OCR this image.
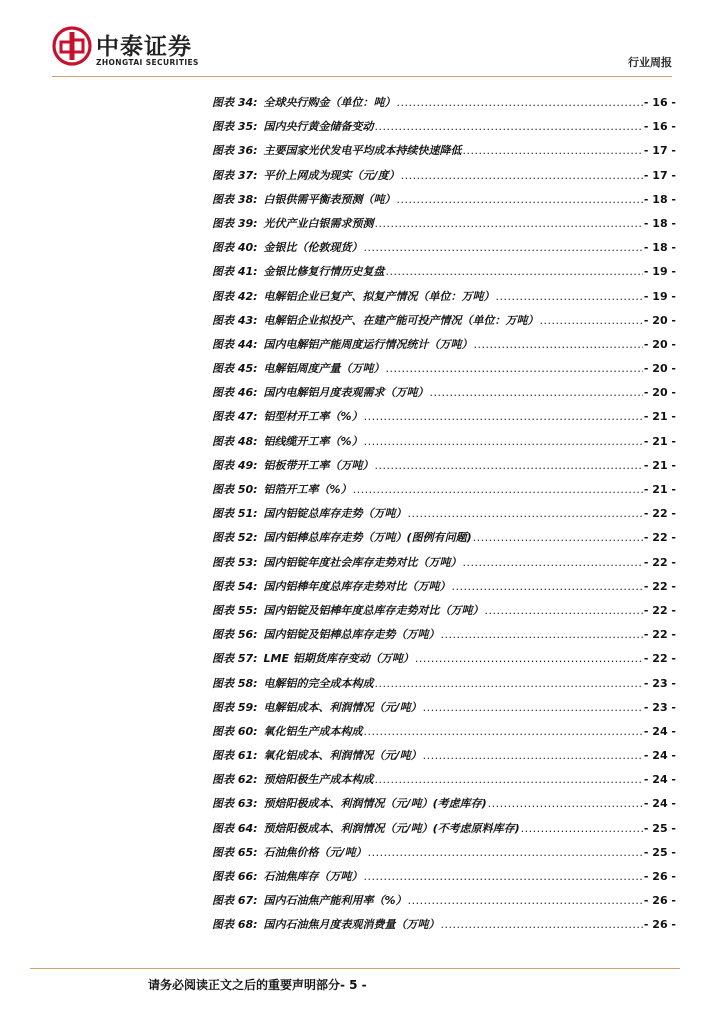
中泰证券
ZHONGTAI SECURITIES	行业周报
图表 34: 全球央行购金（单位：吨） .....	- 16 -
图表 35: 国内央行黄金储备变动 .....	- 16 -
图表 36: 主要国家光伏发电平均成本持续快速降低 .....	- 17 -
图表 37: 平价上网成为现实（元/度） .....	- 17 -
图表 38: 白银供需平衡表预测（吨） .....	- 18 -
图表 39: 光伏产业白银需求预测 .....	- 18 -
图表 40: 金银比（伦敦现货） .....	- 18 -
图表 41: 金银比修复行情历史复盘 .....	- 19 -
图表 42: 电解铝企业已复产、拟复产情况（单位：万吨） .....	- 19 -
图表 43: 电解铝企业拟投产、在建产能可投产情况（单位：万吨） .....	- 20 -
图表 44: 国内电解铝产能周度运行情况统计（万吨） .....	- 20 -
图表 45: 电解铝周度产量（万吨） .....	- 20 -
图表 46: 国内电解铝月度表观需求（万吨） .....	- 20 -
图表 47: 铝型材开工率（%） .....	- 21 -
图表 48: 铝线缆开工率（%） .....	- 21 -
图表 49: 铝板带开工率（万吨） .....	- 21 -
图表 50: 铝箔开工率（%） .....	- 21 -
图表 51: 国内铝锭总库存走势（万吨） .....	- 22 -
图表 52: 国内铝棒总库存走势（万吨）(图例有问题) .....	- 22 -
图表 53: 国内铝锭年度社会库存走势对比（万吨） .....	- 22 -
图表 54: 国内铝棒年度总库存走势对比（万吨） .....	- 22 -
图表 55: 国内铝锭及铝棒年度总库存走势对比（万吨） .....	- 22 -
图表 56: 国内铝锭及铝棒总库存走势（万吨） .....	- 22 -
图表 57: LME 铝期货库存变动（万吨） .....	- 22 -
图表 58: 电解铝的完全成本构成 .....	- 23 -
图表 59: 电解铝成本、利润情况（元/吨） .....	- 23 -
图表 60: 氧化铝生产成本构成 .....	- 24 -
图表 61: 氧化铝成本、利润情况（元/吨） .....	- 24 -
图表 62: 预焙阳极生产成本构成 .....	- 24 -
图表 63: 预焙阳极成本、利润情况（元/吨）(考虑库存) .....	- 24 -
图表 64: 预焙阳极成本、利润情况（元/吨）(不考虑原料库存) .....	- 25 -
图表 65: 石油焦价格（元/吨） .....	- 25 -
图表 66: 石油焦库存（万吨） .....	- 26 -
图表 67: 国内石油焦产能利用率（%） .....	- 26 -
图表 68: 国内石油焦月度表观消费量（万吨） .....	- 26 -
请务必阅读正文之后的重要声明部分- 5 -
